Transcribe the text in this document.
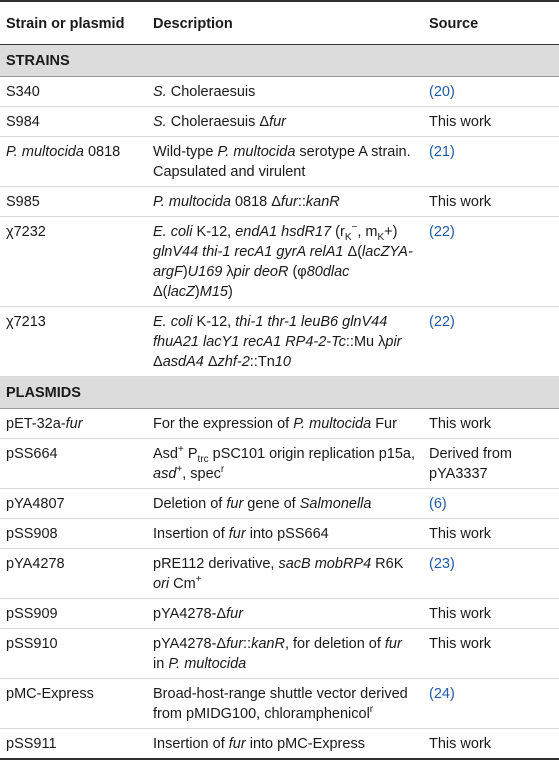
Strain or plasmid	Description	Source
STRAINS		
S340	S. Choleraesuis	(20)
S984	S. Choleraesuis Δfur	This work
P. multocida 0818	Wild-type P. multocida serotype A strain. Capsulated and virulent	(21)
S985	P. multocida 0818 Δfur::kanR	This work
χ7232	E. coli K-12, endA1 hsdR17 ($r_K^-$, $m_K+$) glnV44 thi-1 recA1 gyrA relA1 Δ(lacZYA-argF)U169 λpir deoR (φ80dlac Δ(lacZ)M15)	(22)
χ7213	E. coli K-12, thi-1 thr-1 leuB6 glnV44 fhuA21 lacY1 recA1 RP4-2-Tc::Mu λpir ΔasdA4 Δzhf-2::Tn10	(22)
PLASMIDS		
pET-32a-fur	For the expression of P. multocida Fur	This work
pSS664	Asd+ $P_{trc}$ pSC101 origin replication p15a, asd+, spec$^r$	Derived from pYA3337
pYA4807	Deletion of fur gene of Salmonella	(6)
pSS908	Insertion of fur into pSS664	This work
pYA4278	pRE112 derivative, sacB mobRP4 R6K ori Cm+	(23)
pSS909	pYA4278-Δfur	This work
pSS910	pYA4278-Δfur::kanR, for deletion of fur in P. multocida	This work
pMC-Express	Broad-host-range shuttle vector derived from pMIDG100, chloramphenicol$^r$	(24)
pSS911	Insertion of fur into pMC-Express	This work
